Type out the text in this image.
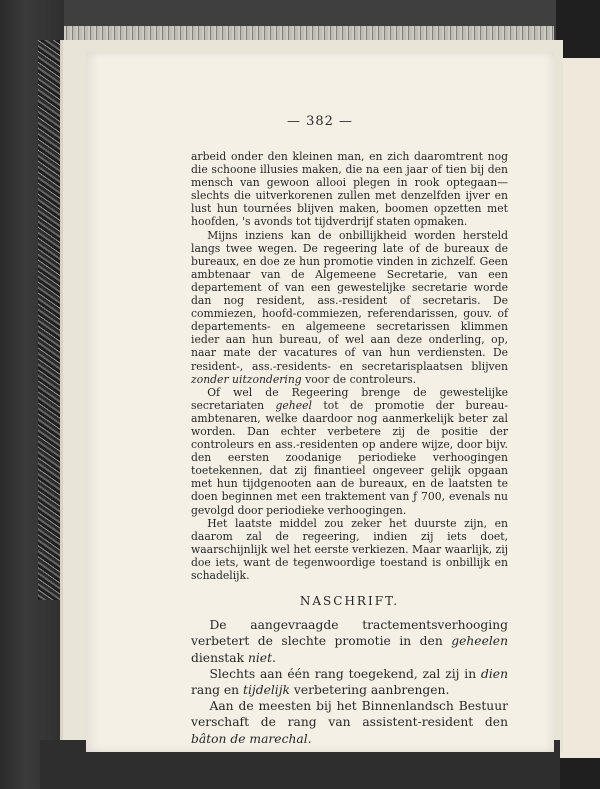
— 382 —

arbeid onder den kleinen man, en zich daaromtrent nog die schoone illusies maken, die na een jaar of tien bij den mensch van gewoon allooi plegen in rook optegaan—slechts die uitverkorenen zullen met denzelfden ijver en lust hun tournées blijven maken, boomen opzetten met hoofden, 's avonds tot tijdverdrijf staten opmaken.

Mijns inziens kan de onbillijkheid worden hersteld langs twee wegen. De regeering late of de bureaux de bureaux, en doe ze hun promotie vinden in zichzelf. Geen ambtenaar van de Algemeene Secretarie, van een departement of van een gewestelijke secretarie worde dan nog resident, ass.-resident of secretaris. De commiezen, hoofd-commiezen, referendarissen, gouv. of departements- en algemeene secretarissen klimmen ieder aan hun bureau, of wel aan deze onderling, op, naar mate der vacatures of van hun verdiensten. De resident-, ass.-residents- en secretarisplaatsen blijven zonder uitzondering voor de controleurs.

Of wel de Regeering brenge de gewestelijke secretariaten geheel tot de promotie der bureau-ambtenaren, welke daardoor nog aanmerkelijk beter zal worden. Dan echter verbetere zij de positie der controleurs en ass.-residenten op andere wijze, door bijv. den eersten zoodanige periodieke verhoogingen toetekennen, dat zij finantieel ongeveer gelijk opgaan met hun tijdgenooten aan de bureaux, en de laatsten te doen beginnen met een traktement van ƒ 700, evenals nu gevolgd door periodieke verhoogingen.

Het laatste middel zou zeker het duurste zijn, en daarom zal de regeering, indien zij iets doet, waarschijnlijk wel het eerste verkiezen. Maar waarlijk, zij doe iets, want de tegenwoordige toestand is onbillijk en schadelijk.

NASCHRIFT.

De aangevraagde tractementsverhooging verbetert de slechte promotie in den geheelen dienstak niet.

Slechts aan één rang toegekend, zal zij in dien rang en tijdelijk verbetering aanbrengen.

Aan de meesten bij het Binnenlandsch Bestuur verschaft de rang van assistent-resident den bâton de marechal.
